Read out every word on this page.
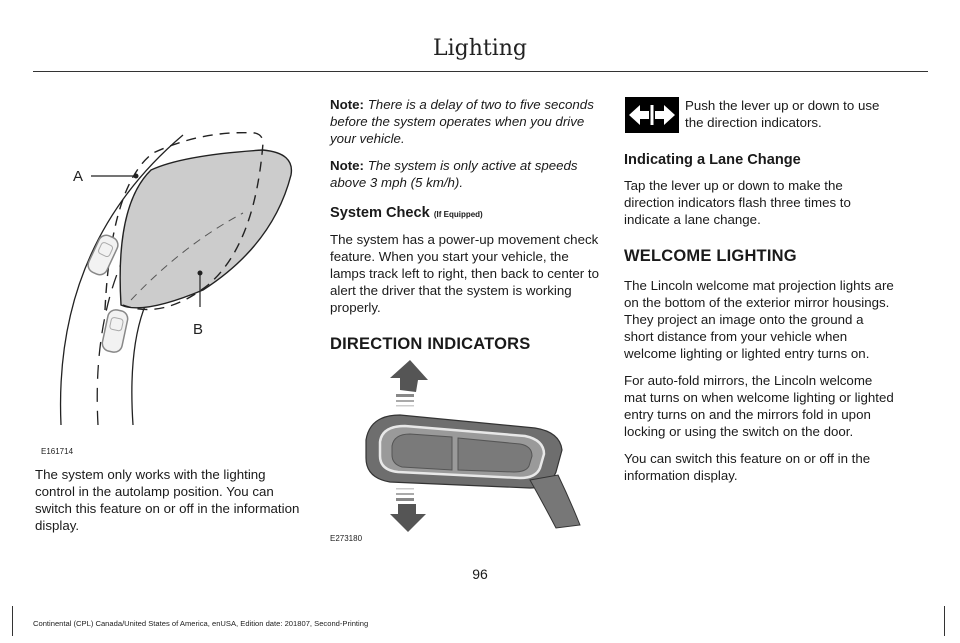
Lighting
A
B
E161714

The system only works with the lighting control in the autolamp position. You can switch this feature on or off in the information display.

Note: There is a delay of two to five seconds before the system operates when you drive your vehicle.

Note: The system is only active at speeds above 3 mph (5 km/h).

System Check (If Equipped)

The system has a power-up movement check feature. When you start your vehicle, the lamps track left to right, then back to center to alert the driver that the system is working properly.

DIRECTION INDICATORS
E273180

Push the lever up or down to use the direction indicators.

Indicating a Lane Change

Tap the lever up or down to make the direction indicators flash three times to indicate a lane change.

WELCOME LIGHTING

The Lincoln welcome mat projection lights are on the bottom of the exterior mirror housings. They project an image onto the ground a short distance from your vehicle when welcome lighting or lighted entry turns on.

For auto-fold mirrors, the Lincoln welcome mat turns on when welcome lighting or lighted entry turns on and the mirrors fold in upon locking or using the switch on the door.

You can switch this feature on or off in the information display.

96
Continental (CPL) Canada/United States of America, enUSA, Edition date: 201807, Second-Printing
